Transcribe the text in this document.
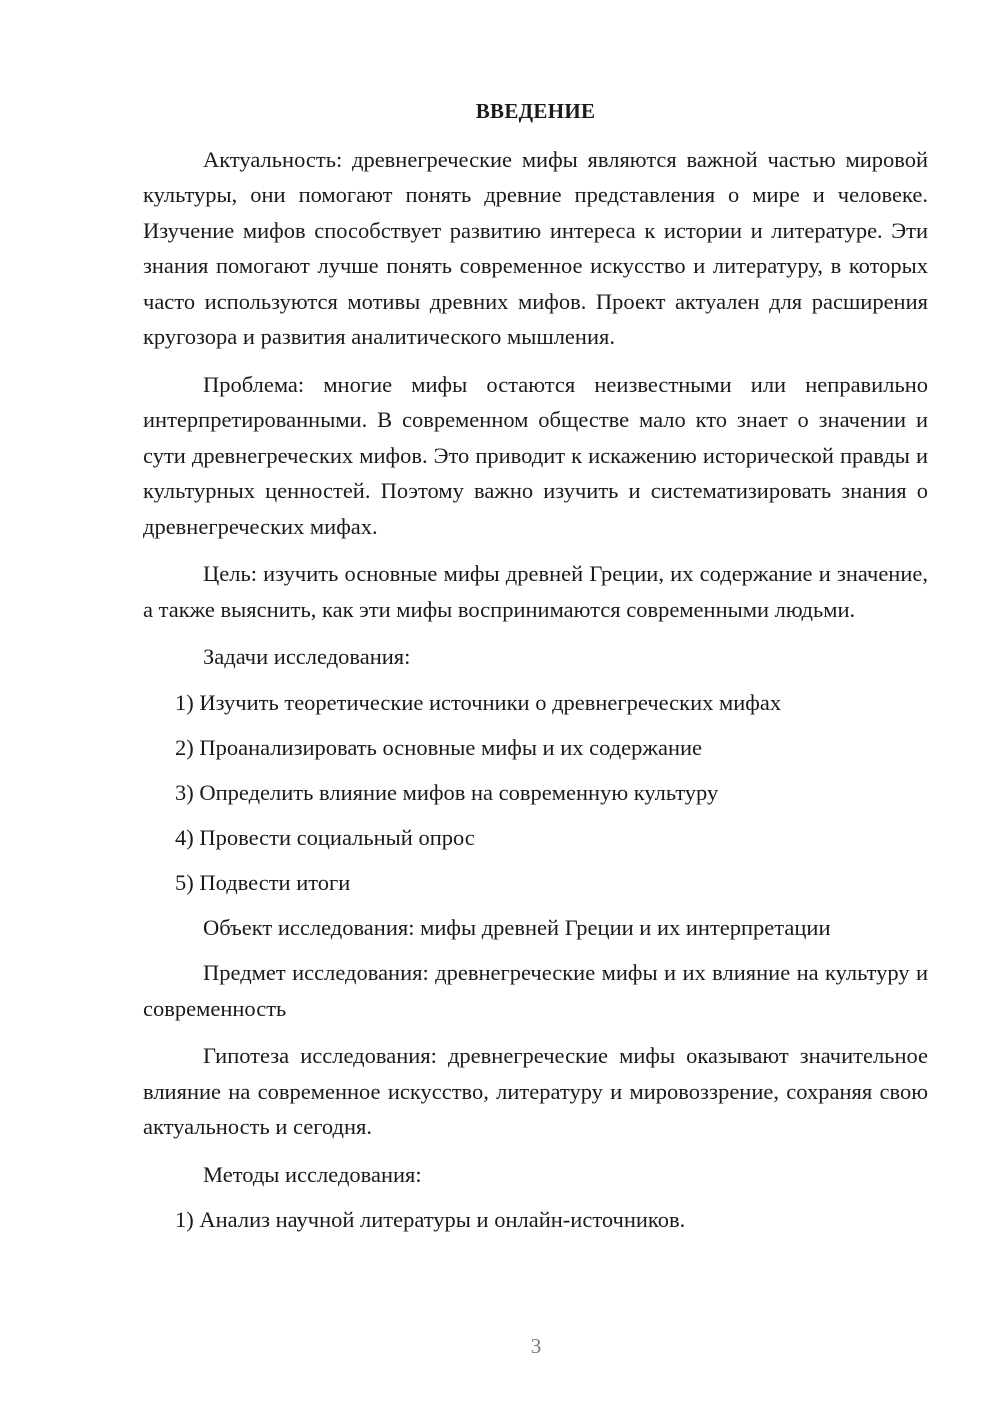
ВВЕДЕНИЕ
Актуальность: древнегреческие мифы являются важной частью мировой культуры, они помогают понять древние представления о мире и человеке. Изучение мифов способствует развитию интереса к истории и литературе. Эти знания помогают лучше понять современное искусство и литературу, в которых часто используются мотивы древних мифов. Проект актуален для расширения кругозора и развития аналитического мышления.
Проблема: многие мифы остаются неизвестными или неправильно интерпретированными. В современном обществе мало кто знает о значении и сути древнегреческих мифов. Это приводит к искажению исторической правды и культурных ценностей. Поэтому важно изучить и систематизировать знания о древнегреческих мифах.
Цель: изучить основные мифы древней Греции, их содержание и значение, а также выяснить, как эти мифы воспринимаются современными людьми.
Задачи исследования:
1) Изучить теоретические источники о древнегреческих мифах
2) Проанализировать основные мифы и их содержание
3) Определить влияние мифов на современную культуру
4) Провести социальный опрос
5) Подвести итоги
Объект исследования: мифы древней Греции и их интерпретации
Предмет исследования: древнегреческие мифы и их влияние на культуру и современность
Гипотеза исследования: древнегреческие мифы оказывают значительное влияние на современное искусство, литературу и мировоззрение, сохраняя свою актуальность и сегодня.
Методы исследования:
1) Анализ научной литературы и онлайн-источников.
3
